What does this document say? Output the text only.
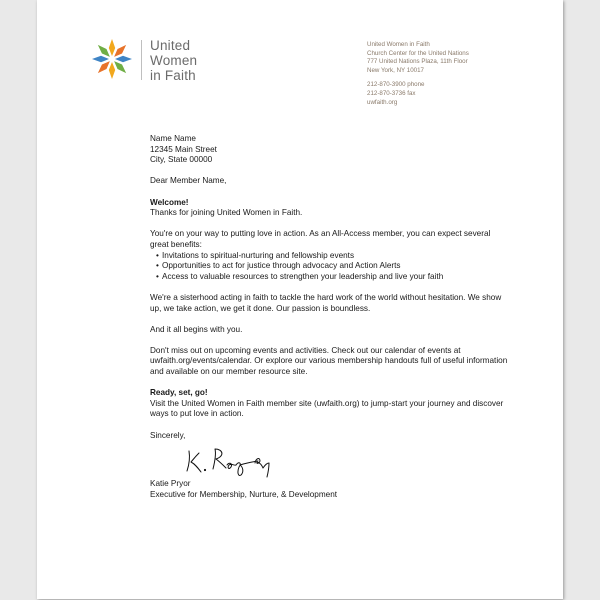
United
Women
in Faith
United Women in Faith
Church Center for the United Nations
777 United Nations Plaza, 11th Floor
New York, NY 10017
212-870-3900 phone
212-870-3736 fax
uwfaith.org

Name Name

12345 Main Street

City, State 00000

Dear Member Name,

Welcome!

Thanks for joining United Women in Faith.

You're on your way to putting love in action. As an All-Access member, you can expect several great benefits:

• Invitations to spiritual-nurturing and fellowship events
• Opportunities to act for justice through advocacy and Action Alerts
• Access to valuable resources to strengthen your leadership and live your faith

We're a sisterhood acting in faith to tackle the hard work of the world without hesitation. We show up, we take action, we get it done. Our passion is boundless.

And it all begins with you.

Don't miss out on upcoming events and activities. Check out our calendar of events at uwfaith.org/events/calendar. Or explore our various membership handouts full of useful information and available on our member resource site.

Ready, set, go!

Visit the United Women in Faith member site (uwfaith.org) to jump-start your journey and discover ways to put love in action.

Sincerely,

Katie Pryor

Executive for Membership, Nurture, & Development
